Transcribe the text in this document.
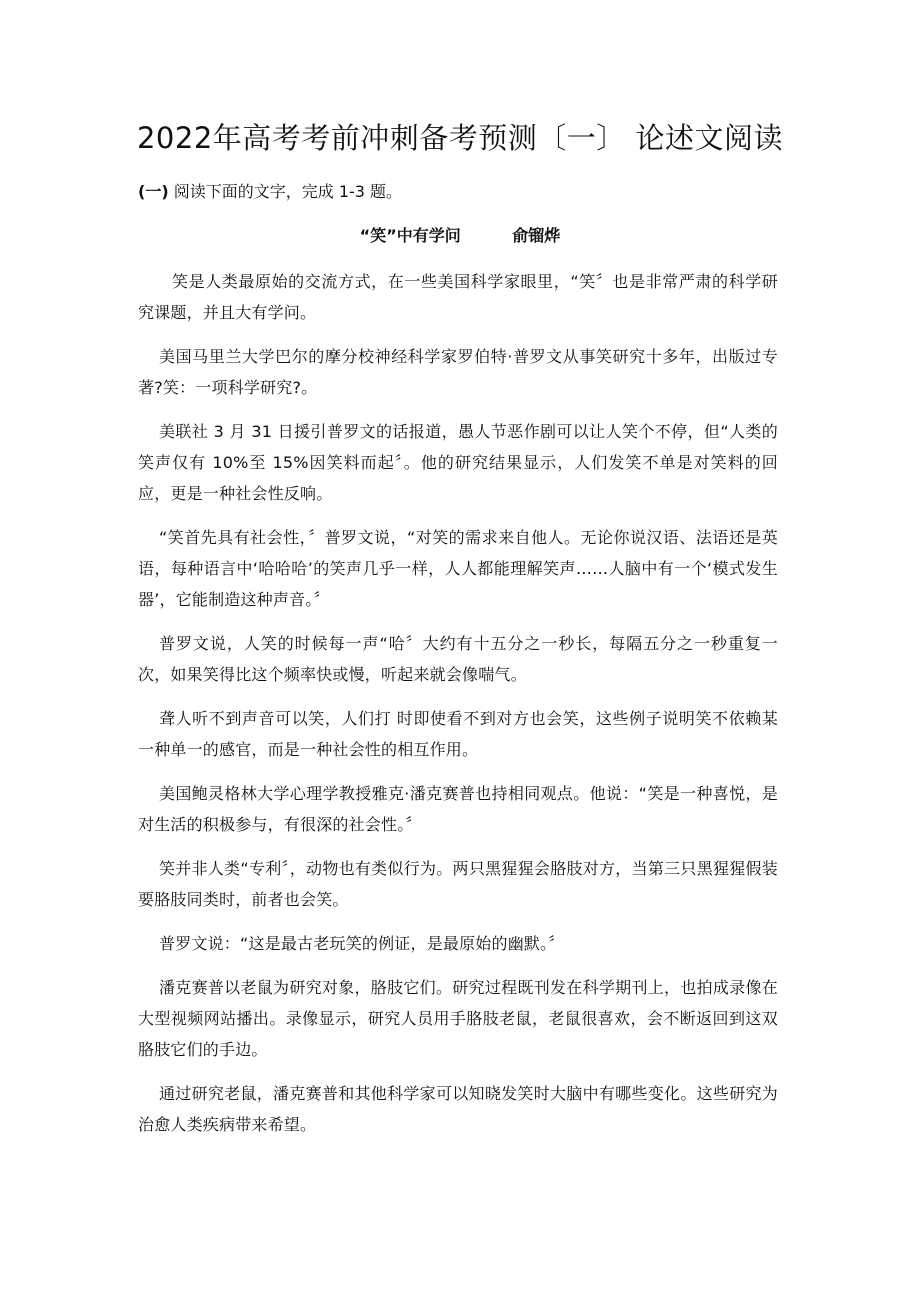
2022年高考考前冲刺备考预测〔一〕 论述文阅读

(一) 阅读下面的文字，完成 1-3 题。

“笑”中有学问	俞镏烨

笑是人类最原始的交流方式，在一些美国科学家眼里，“笑〞也是非常严肃的科学研究课题，并且大有学问。

美国马里兰大学巴尔的摩分校神经科学家罗伯特·普罗文从事笑研究十多年，出版过专著?笑：一项科学研究?。

美联社 3 月 31 日援引普罗文的话报道，愚人节恶作剧可以让人笑个不停，但“人类的笑声仅有 10%至 15%因笑料而起〞。他的研究结果显示，人们发笑不单是对笑料的回应，更是一种社会性反响。

“笑首先具有社会性，〞普罗文说，“对笑的需求来自他人。无论你说汉语、法语还是英语，每种语言中‘哈哈哈’的笑声几乎一样，人人都能理解笑声……人脑中有一个‘模式发生器’，它能制造这种声音。〞

普罗文说，人笑的时候每一声“哈〞大约有十五分之一秒长，每隔五分之一秒重复一次，如果笑得比这个频率快或慢，听起来就会像喘气。

聋人听不到声音可以笑，人们打 时即使看不到对方也会笑，这些例子说明笑不依赖某一种单一的感官，而是一种社会性的相互作用。

美国鲍灵格林大学心理学教授雅克·潘克赛普也持相同观点。他说：“笑是一种喜悦，是对生活的积极参与，有很深的社会性。〞

笑并非人类“专利〞，动物也有类似行为。两只黑猩猩会胳肢对方，当第三只黑猩猩假装要胳肢同类时，前者也会笑。

普罗文说：“这是最古老玩笑的例证，是最原始的幽默。〞

潘克赛普以老鼠为研究对象，胳肢它们。研究过程既刊发在科学期刊上，也拍成录像在大型视频网站播出。录像显示，研究人员用手胳肢老鼠，老鼠很喜欢，会不断返回到这双胳肢它们的手边。

通过研究老鼠，潘克赛普和其他科学家可以知晓发笑时大脑中有哪些变化。这些研究为治愈人类疾病带来希望。
